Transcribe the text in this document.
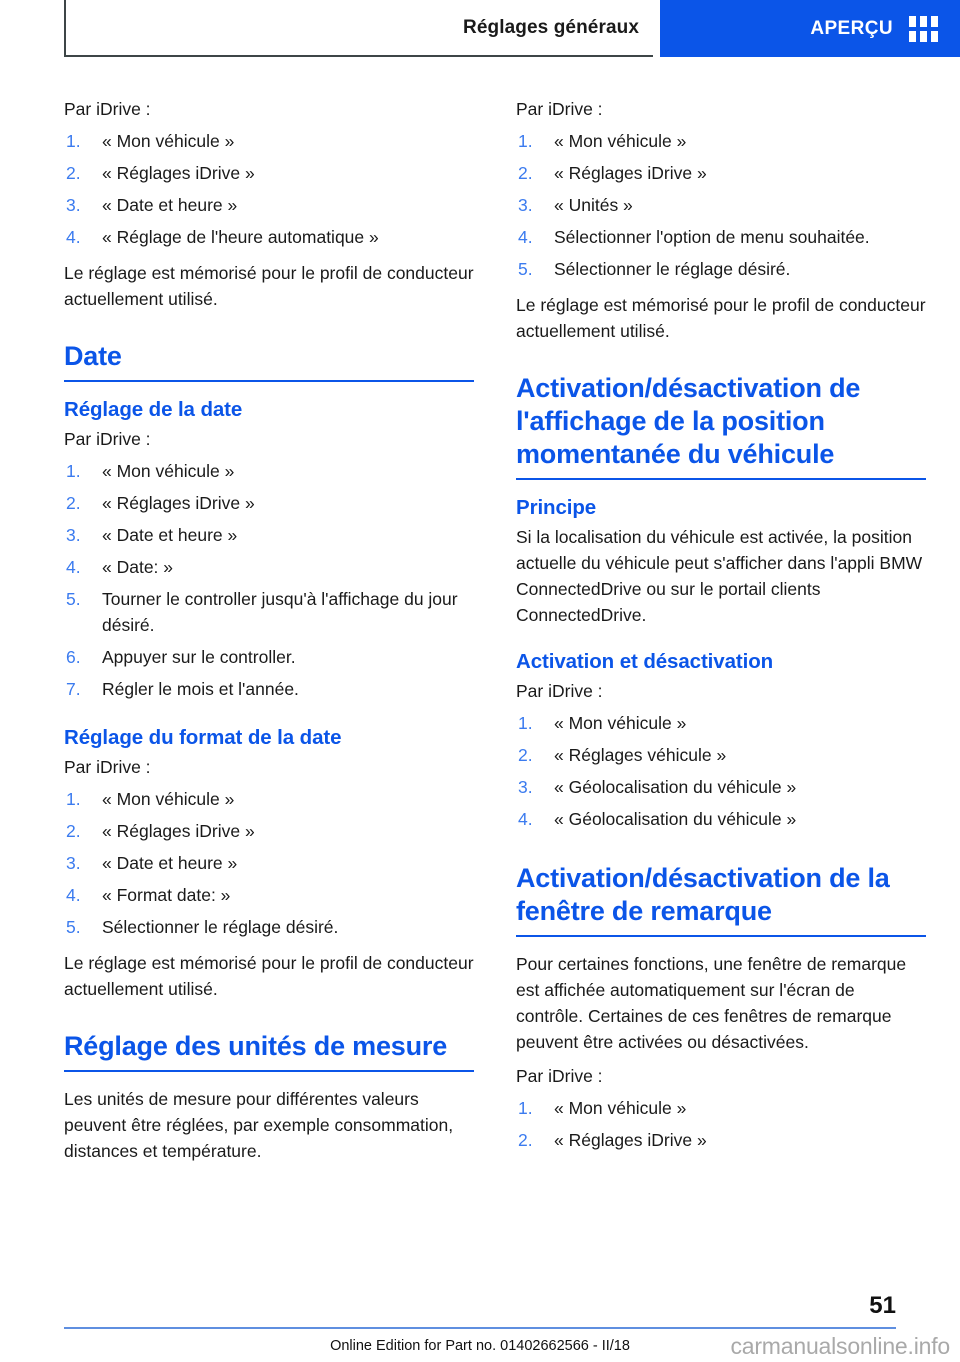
Réglages généraux	APERÇU
Par iDrive :
1. « Mon véhicule »
2. « Réglages iDrive »
3. « Date et heure »
4. « Réglage de l'heure automatique »
Le réglage est mémorisé pour le profil de conducteur actuellement utilisé.
Date
Réglage de la date
Par iDrive :
1. « Mon véhicule »
2. « Réglages iDrive »
3. « Date et heure »
4. « Date: »
5. Tourner le controller jusqu'à l'affichage du jour désiré.
6. Appuyer sur le controller.
7. Régler le mois et l'année.
Réglage du format de la date
Par iDrive :
1. « Mon véhicule »
2. « Réglages iDrive »
3. « Date et heure »
4. « Format date: »
5. Sélectionner le réglage désiré.
Le réglage est mémorisé pour le profil de conducteur actuellement utilisé.
Réglage des unités de mesure
Les unités de mesure pour différentes valeurs peuvent être réglées, par exemple consommation, distances et température.
Par iDrive :
1. « Mon véhicule »
2. « Réglages iDrive »
3. « Unités »
4. Sélectionner l'option de menu souhaitée.
5. Sélectionner le réglage désiré.
Le réglage est mémorisé pour le profil de conducteur actuellement utilisé.
Activation/désactivation de l'affichage de la position momentanée du véhicule
Principe
Si la localisation du véhicule est activée, la position actuelle du véhicule peut s'afficher dans l'appli BMW ConnectedDrive ou sur le portail clients ConnectedDrive.
Activation et désactivation
Par iDrive :
1. « Mon véhicule »
2. « Réglages véhicule »
3. « Géolocalisation du véhicule »
4. « Géolocalisation du véhicule »
Activation/désactivation de la fenêtre de remarque
Pour certaines fonctions, une fenêtre de remarque est affichée automatiquement sur l'écran de contrôle. Certaines de ces fenêtres de remarque peuvent être activées ou désactivées.
Par iDrive :
1. « Mon véhicule »
2. « Réglages iDrive »
51
Online Edition for Part no. 01402662566 - II/18	carmanualsonline.info
